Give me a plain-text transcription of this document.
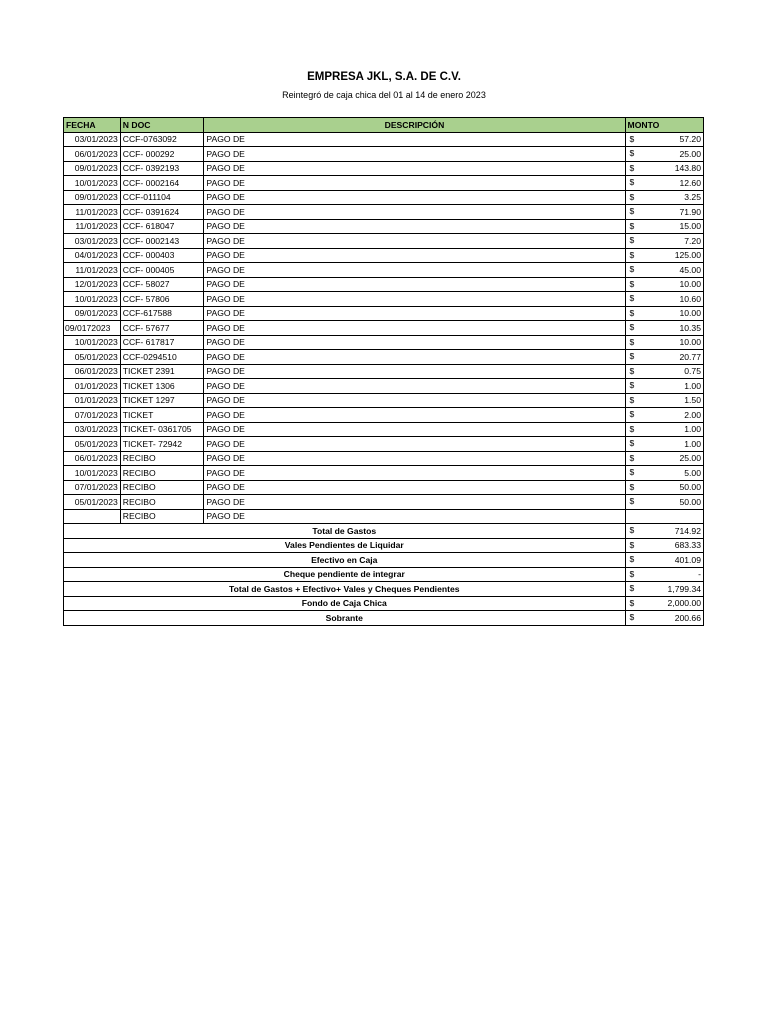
EMPRESA JKL, S.A. DE C.V.
Reintegró de caja chica del 01 al 14 de enero 2023
FECHA	N DOC	DESCRIPCIÓN	MONTO
03/01/2023	CCF-0763092	PAGO DE	$ 57.20
06/01/2023	CCF- 000292	PAGO DE	$ 25.00
09/01/2023	CCF- 0392193	PAGO DE	$ 143.80
10/01/2023	CCF- 0002164	PAGO DE	$ 12.60
09/01/2023	CCF-011104	PAGO DE	$ 3.25
11/01/2023	CCF- 0391624	PAGO DE	$ 71.90
11/01/2023	CCF- 618047	PAGO DE	$ 15.00
03/01/2023	CCF- 0002143	PAGO DE	$ 7.20
04/01/2023	CCF- 000403	PAGO DE	$ 125.00
11/01/2023	CCF- 000405	PAGO DE	$ 45.00
12/01/2023	CCF- 58027	PAGO DE	$ 10.00
10/01/2023	CCF- 57806	PAGO DE	$ 10.60
09/01/2023	CCF-617588	PAGO DE	$ 10.00
09/0172023	CCF- 57677	PAGO DE	$ 10.35
10/01/2023	CCF- 617817	PAGO DE	$ 10.00
05/01/2023	CCF-0294510	PAGO DE	$ 20.77
06/01/2023	TICKET 2391	PAGO DE	$ 0.75
01/01/2023	TICKET 1306	PAGO DE	$ 1.00
01/01/2023	TICKET 1297	PAGO DE	$ 1.50
07/01/2023	TICKET	PAGO DE	$ 2.00
03/01/2023	TICKET- 0361705	PAGO DE	$ 1.00
05/01/2023	TICKET- 72942	PAGO DE	$ 1.00
06/01/2023	RECIBO	PAGO DE	$ 25.00
10/01/2023	RECIBO	PAGO DE	$ 5.00
07/01/2023	RECIBO	PAGO DE	$ 50.00
05/01/2023	RECIBO	PAGO DE	$ 50.00
	RECIBO	PAGO DE	
Total de Gastos			$ 714.92
Vales Pendientes de Liquidar			$ 683.33
Efectivo en Caja			$ 401.09
Cheque pendiente de integrar			$ -
Total de Gastos + Efectivo+ Vales y Cheques Pendientes			$ 1,799.34
Fondo de Caja Chica			$ 2,000.00
Sobrante			$ 200.66
